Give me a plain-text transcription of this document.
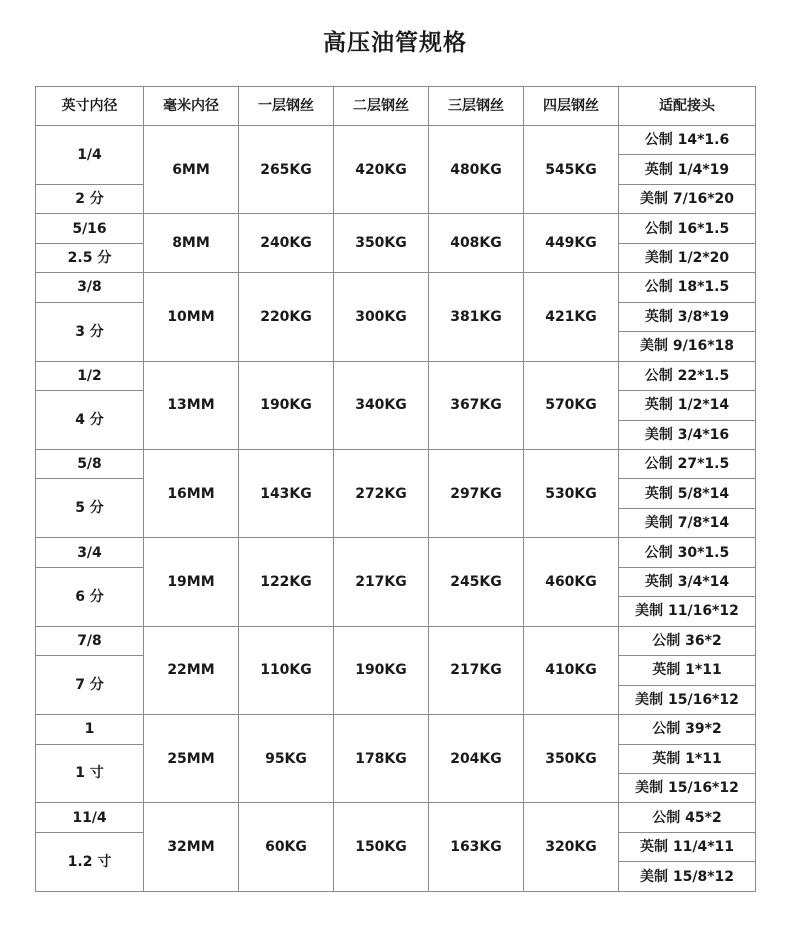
高压油管规格
英寸内径	毫米内径	一层钢丝	二层钢丝	三层钢丝	四层钢丝	适配接头
1/4	6MM	265KG	420KG	480KG	545KG	公制 14*1.6
						英制 1/4*19
2 分						美制 7/16*20
5/16	8MM	240KG	350KG	408KG	449KG	公制 16*1.5
2.5 分						美制 1/2*20
3/8	10MM	220KG	300KG	381KG	421KG	公制 18*1.5
3 分						英制 3/8*19
						美制 9/16*18
1/2	13MM	190KG	340KG	367KG	570KG	公制 22*1.5
4 分						英制 1/2*14
						美制 3/4*16
5/8	16MM	143KG	272KG	297KG	530KG	公制 27*1.5
5 分						英制 5/8*14
						美制 7/8*14
3/4	19MM	122KG	217KG	245KG	460KG	公制 30*1.5
6 分						英制 3/4*14
						美制 11/16*12
7/8	22MM	110KG	190KG	217KG	410KG	公制 36*2
7 分						英制 1*11
						美制 15/16*12
1	25MM	95KG	178KG	204KG	350KG	公制 39*2
1 寸						英制 1*11
						美制 15/16*12
11/4	32MM	60KG	150KG	163KG	320KG	公制 45*2
1.2 寸						英制 11/4*11
						美制 15/8*12
